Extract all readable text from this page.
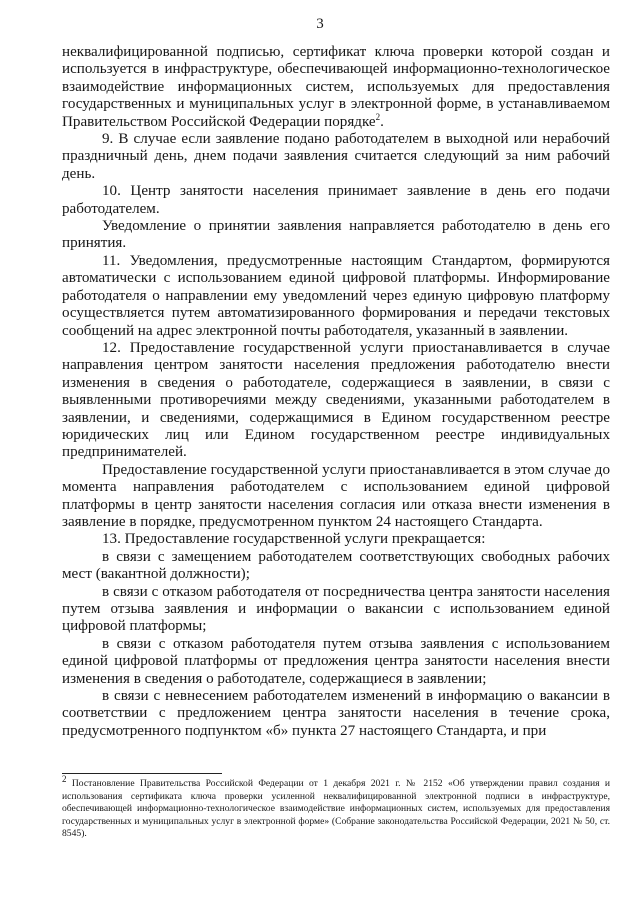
3

неквалифицированной подписью, сертификат ключа проверки которой создан и используется в инфраструктуре, обеспечивающей информационно-технологическое взаимодействие информационных систем, используемых для предоставления государственных и муниципальных услуг в электронной форме, в устанавливаемом Правительством Российской Федерации порядке$^2$.

9. В случае если заявление подано работодателем в выходной или нерабочий праздничный день, днем подачи заявления считается следующий за ним рабочий день.

10. Центр занятости населения принимает заявление в день его подачи работодателем.

Уведомление о принятии заявления направляется работодателю в день его принятия.

11. Уведомления, предусмотренные настоящим Стандартом, формируются автоматически с использованием единой цифровой платформы. Информирование работодателя о направлении ему уведомлений через единую цифровую платформу осуществляется путем автоматизированного формирования и передачи текстовых сообщений на адрес электронной почты работодателя, указанный в заявлении.

12. Предоставление государственной услуги приостанавливается в случае направления центром занятости населения предложения работодателю внести изменения в сведения о работодателе, содержащиеся в заявлении, в связи с выявленными противоречиями между сведениями, указанными работодателем в заявлении, и сведениями, содержащимися в Едином государственном реестре юридических лиц или Едином государственном реестре индивидуальных предпринимателей.

Предоставление государственной услуги приостанавливается в этом случае до момента направления работодателем с использованием единой цифровой платформы в центр занятости населения согласия или отказа внести изменения в заявление в порядке, предусмотренном пунктом 24 настоящего Стандарта.

13. Предоставление государственной услуги прекращается:

в связи с замещением работодателем соответствующих свободных рабочих мест (вакантной должности);

в связи с отказом работодателя от посредничества центра занятости населения путем отзыва заявления и информации о вакансии с использованием единой цифровой платформы;

в связи с отказом работодателя путем отзыва заявления с использованием единой цифровой платформы от предложения центра занятости населения внести изменения в сведения о работодателе, содержащиеся в заявлении;

в связи с невнесением работодателем изменений в информацию о вакансии в соответствии с предложением центра занятости населения в течение срока, предусмотренного подпунктом «б» пункта 27 настоящего Стандарта, и при

$^2$ Постановление Правительства Российской Федерации от 1 декабря 2021 г. № 2152 «Об утверждении правил создания и использования сертификата ключа проверки усиленной неквалифицированной электронной подписи в инфраструктуре, обеспечивающей информационно-технологическое взаимодействие информационных систем, используемых для предоставления государственных и муниципальных услуг в электронной форме» (Собрание законодательства Российской Федерации, 2021 № 50, ст. 8545).
